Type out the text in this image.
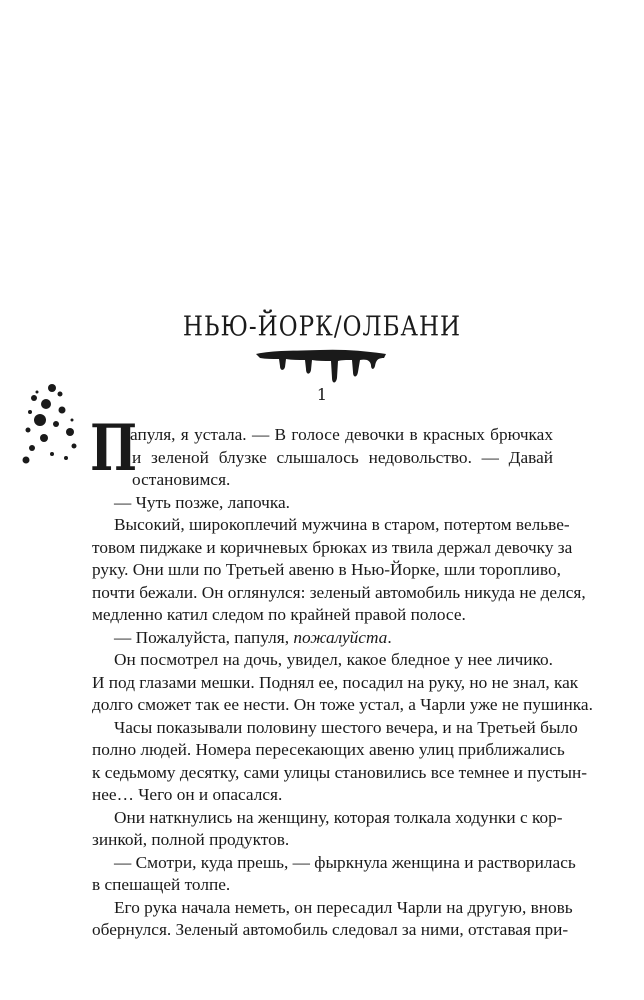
НЬЮ-ЙОРК/ОЛБАНИ
1
П
апуля, я устала. — В голосе девочки в красных брючках
и зеленой блузке слышалось недовольство. — Давай
остановимся.
— Чуть позже, лапочка.
Высокий, широкоплечий мужчина в старом, потертом вельве-
товом пиджаке и коричневых брюках из твила держал девочку за
руку. Они шли по Третьей авеню в Нью-Йорке, шли торопливо,
почти бежали. Он оглянулся: зеленый автомобиль никуда не делся,
медленно катил следом по крайней правой полосе.
— Пожалуйста, папуля, пожалуйста.
Он посмотрел на дочь, увидел, какое бледное у нее личико.
И под глазами мешки. Поднял ее, посадил на руку, но не знал, как
долго сможет так ее нести. Он тоже устал, а Чарли уже не пушинка.
Часы показывали половину шестого вечера, и на Третьей было
полно людей. Номера пересекающих авеню улиц приближались
к седьмому десятку, сами улицы становились все темнее и пустын-
нее… Чего он и опасался.
Они наткнулись на женщину, которая толкала ходунки с кор-
зинкой, полной продуктов.
— Смотри, куда прешь, — фыркнула женщина и растворилась
в спешащей толпе.
Его рука начала неметь, он пересадил Чарли на другую, вновь
обернулся. Зеленый автомобиль следовал за ними, отставая при-
